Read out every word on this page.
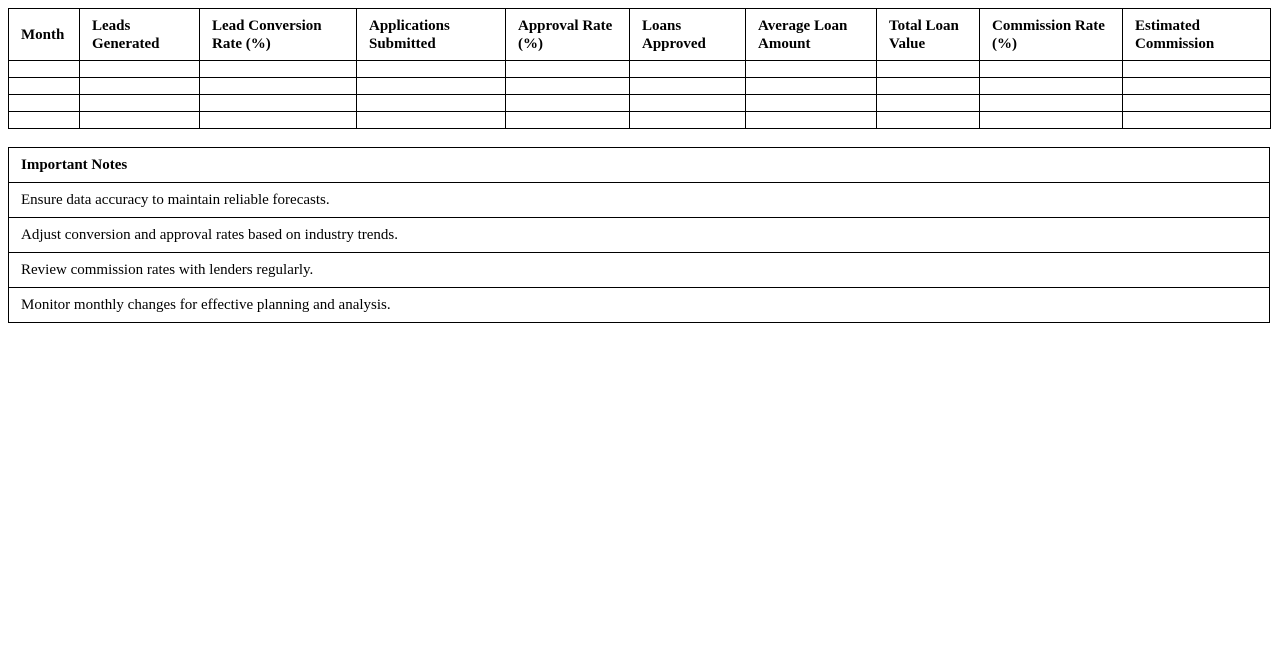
Month	Leads Generated	Lead Conversion Rate (%)	Applications Submitted	Approval Rate (%)	Loans Approved	Average Loan Amount	Total Loan Value	Commission Rate (%)	Estimated Commission

Important Notes
Ensure data accuracy to maintain reliable forecasts.
Adjust conversion and approval rates based on industry trends.
Review commission rates with lenders regularly.
Monitor monthly changes for effective planning and analysis.
